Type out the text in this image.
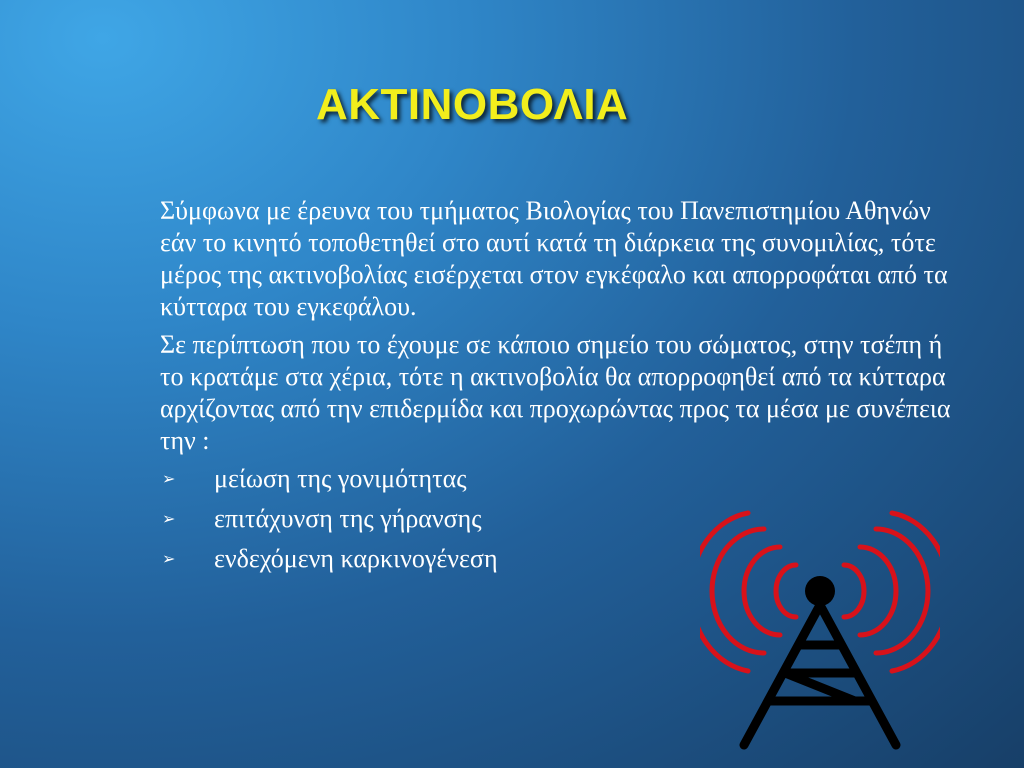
ΑΚΤΙΝΟΒΟΛΙΑ

Σύμφωνα με έρευνα του τμήματος Βιολογίας του Πανεπιστημίου Αθηνών εάν το κινητό τοποθετηθεί στο αυτί κατά τη διάρκεια της συνομιλίας, τότε μέρος της ακτινοβολίας εισέρχεται στον εγκέφαλο και απορροφάται από τα κύτταρα του εγκεφάλου.

Σε περίπτωση που το έχουμε σε κάποιο σημείο του σώματος, στην τσέπη ή το κρατάμε στα χέρια, τότε η ακτινοβολία θα απορροφηθεί από τα κύτταρα αρχίζοντας από την επιδερμίδα και προχωρώντας προς τα μέσα με συνέπεια την :

➢ μείωση της γονιμότητας
➢ επιτάχυνση της γήρανσης
➢ ενδεχόμενη καρκινογένεση
